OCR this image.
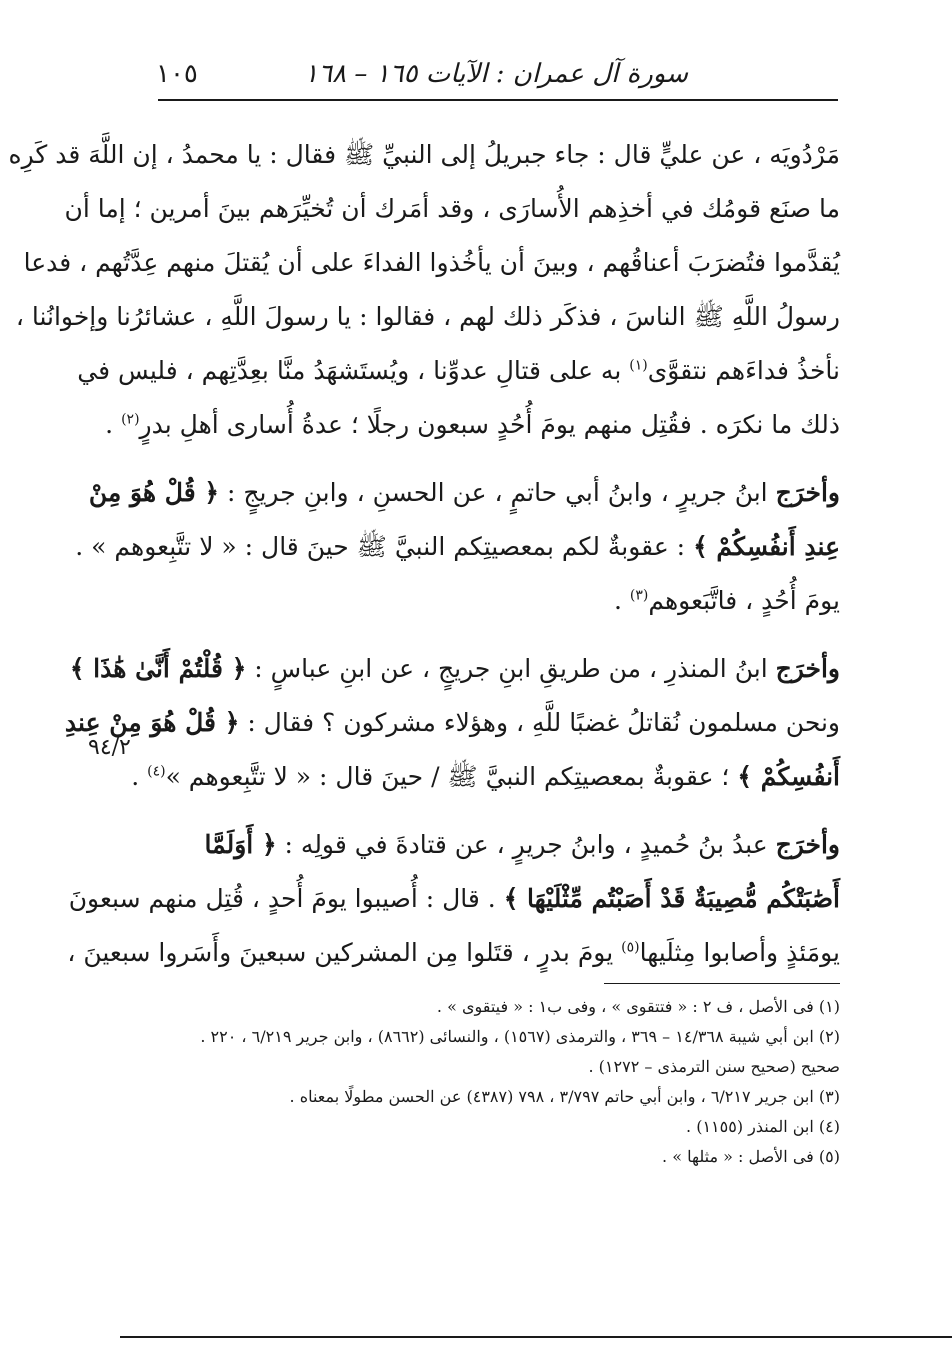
سورة آل عمران : الآيات ١٦٥ – ١٦٨
١٠٥
مَرْدُويَه ، عن عليٍّ قال : جاء جبريلُ إلى النبيِّ ﷺ فقال : يا محمدُ ، إن اللَّهَ قد كَرِه
ما صنَع قومُك في أخذِهم الأُسارَى ، وقد أمَرك أن تُخيِّرَهم بينَ أمرين ؛ إما أن
يُقدَّموا فتُضرَبَ أعناقُهم ، وبينَ أن يأخُذوا الفداءَ على أن يُقتلَ منهم عِدَّتُهم ، فدعا
رسولُ اللَّهِ ﷺ الناسَ ، فذكَر ذلك لهم ، فقالوا : يا رسولَ اللَّهِ ، عشائرُنا وإخوانُنا ،
نأخذُ فداءَهم نتقوَّى$^{(١)}$ به على قتالِ عدوِّنا ، ويُستَشهَدُ منَّا بعِدَّتِهم ، فليس في
ذلك ما نكرَه . فقُتِل منهم يومَ أُحُدٍ سبعون رجلًا ؛ عدةُ أُسارى أهلِ بدرٍ$^{(٢)}$ .
وأخرَج ابنُ جريرٍ ، وابنُ أبي حاتمٍ ، عن الحسنِ ، وابنِ جريجٍ : ﴿ قُلْ هُوَ مِنْ
عِندِ أَنفُسِكُمْ ﴾ : عقوبةٌ لكم بمعصيتِكم النبيَّ ﷺ حينَ قال : « لا تتَّبِعوهم » .
يومَ أُحُدٍ ، فاتَّبَعوهم$^{(٣)}$ .
وأخرَج ابنُ المنذرِ ، من طريقِ ابنِ جريجٍ ، عن ابنِ عباسٍ : ﴿ قُلْتُمْ أَنَّىٰ هَٰذَا ﴾
ونحن مسلمون نُقاتلُ غضبًا للَّهِ ، وهؤلاء مشركون ؟ فقال : ﴿ قُلْ هُوَ مِنْ عِندِ
أَنفُسِكُمْ ﴾ ؛ عقوبةٌ بمعصيتِكم النبيَّ ﷺ / حينَ قال : « لا تتَّبِعوهم »$^{(٤)}$ .
وأخرَج عبدُ بنُ حُميدٍ ، وابنُ جريرٍ ، عن قتادةَ في قولِه : ﴿ أَوَلَمَّا
أَصَٰبَتْكُم مُّصِيبَةٌ قَدْ أَصَبْتُم مِّثْلَيْهَا ﴾ . قال : أُصيبوا يومَ أُحدٍ ، قُتِل منهم سبعونَ
يومَئذٍ وأصابوا مِثلَيها$^{(٥)}$ يومَ بدرٍ ، قتَلوا مِن المشركين سبعينَ وأَسَروا سبعينَ ،
٩٤/٢
(١) فى الأصل ، ف ٢ : « فتتقوى » ، وفى ب١ : « فيتقوى » .
(٢) ابن أبي شيبة ١٤/٣٦٨ – ٣٦٩ ، والترمذى (١٥٦٧) ، والنسائى (٨٦٦٢) ، وابن جرير ٦/٢١٩ ، ٢٢٠ .
صحيح (صحيح سنن الترمذى – ١٢٧٢) .
(٣) ابن جرير ٦/٢١٧ ، وابن أبي حاتم ٣/٧٩٧ ، ٧٩٨ (٤٣٨٧) عن الحسن مطولًا بمعناه .
(٤) ابن المنذر (١١٥٥) .
(٥) فى الأصل : « مثلها » .
